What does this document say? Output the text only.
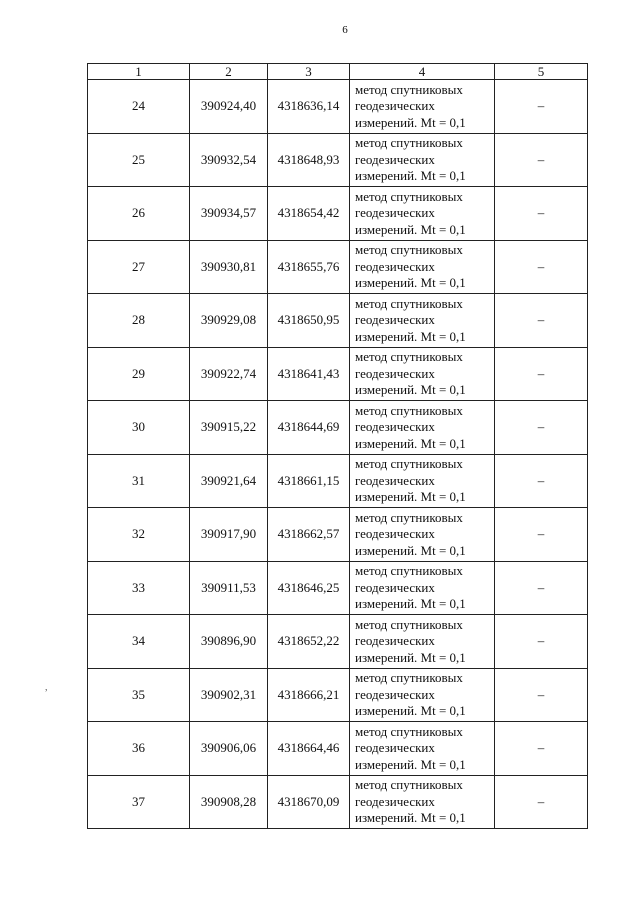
6
,
1	2	3	4	5
24	390924,40	4318636,14	метод спутниковых
геодезических
измерений. Mt = 0,1	–
25	390932,54	4318648,93	метод спутниковых
геодезических
измерений. Mt = 0,1	–
26	390934,57	4318654,42	метод спутниковых
геодезических
измерений. Mt = 0,1	–
27	390930,81	4318655,76	метод спутниковых
геодезических
измерений. Mt = 0,1	–
28	390929,08	4318650,95	метод спутниковых
геодезических
измерений. Mt = 0,1	–
29	390922,74	4318641,43	метод спутниковых
геодезических
измерений. Mt = 0,1	–
30	390915,22	4318644,69	метод спутниковых
геодезических
измерений. Mt = 0,1	–
31	390921,64	4318661,15	метод спутниковых
геодезических
измерений. Mt = 0,1	–
32	390917,90	4318662,57	метод спутниковых
геодезических
измерений. Mt = 0,1	–
33	390911,53	4318646,25	метод спутниковых
геодезических
измерений. Mt = 0,1	–
34	390896,90	4318652,22	метод спутниковых
геодезических
измерений. Mt = 0,1	–
35	390902,31	4318666,21	метод спутниковых
геодезических
измерений. Mt = 0,1	–
36	390906,06	4318664,46	метод спутниковых
геодезических
измерений. Mt = 0,1	–
37	390908,28	4318670,09	метод спутниковых
геодезических
измерений. Mt = 0,1	–
